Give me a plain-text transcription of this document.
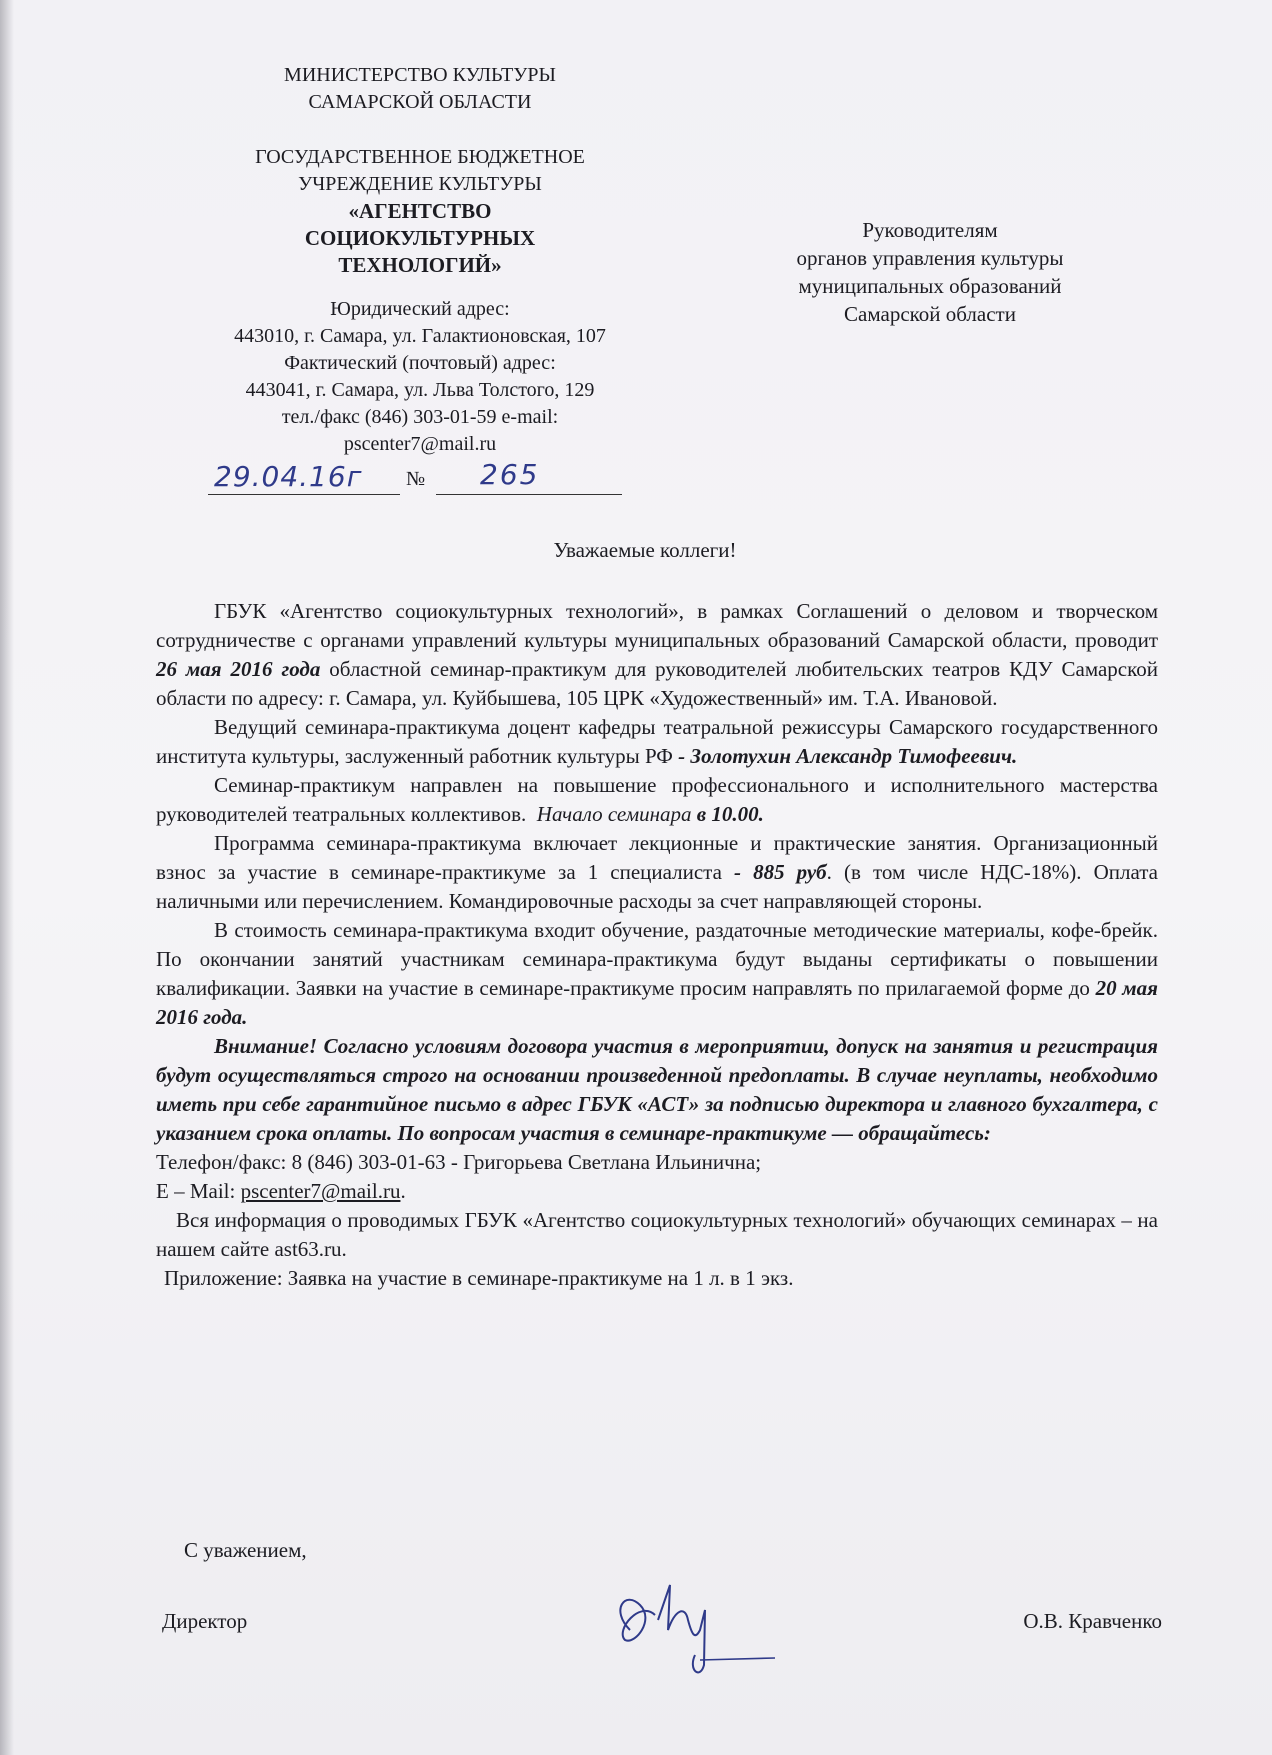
МИНИСТЕРСТВО КУЛЬТУРЫ
САМАРСКОЙ ОБЛАСТИ
ГОСУДАРСТВЕННОЕ БЮДЖЕТНОЕ
УЧРЕЖДЕНИЕ КУЛЬТУРЫ
«АГЕНТСТВО
СОЦИОКУЛЬТУРНЫХ
ТЕХНОЛОГИЙ»
Юридический адрес:
443010, г. Самара, ул. Галактионовская, 107
Фактический (почтовый) адрес:
443041, г. Самара, ул. Льва Толстого, 129
тел./факс (846) 303-01-59 e-mail:
pscenter7@mail.ru
Руководителям
органов управления культуры
муниципальных образований
Самарской области
29.04.16г № 265
Уважаемые коллеги!

ГБУК «Агентство социокультурных технологий», в рамках Соглашений о деловом и творческом сотрудничестве с органами управлений культуры муниципальных образований Самарской области, проводит 26 мая 2016 года областной семинар-практикум для руководителей любительских театров КДУ Самарской области по адресу: г. Самара, ул. Куйбышева, 105 ЦРК «Художественный» им. Т.А. Ивановой.

Ведущий семинара-практикума доцент кафедры театральной режиссуры Самарского государственного института культуры, заслуженный работник культуры РФ - Золотухин Александр Тимофеевич.

Семинар-практикум направлен на повышение профессионального и исполнительного мастерства руководителей театральных коллективов. Начало семинара в 10.00.

Программа семинара-практикума включает лекционные и практические занятия. Организационный взнос за участие в семинаре-практикуме за 1 специалиста - 885 руб. (в том числе НДС-18%). Оплата наличными или перечислением. Командировочные расходы за счет направляющей стороны.

В стоимость семинара-практикума входит обучение, раздаточные методические материалы, кофе-брейк. По окончании занятий участникам семинара-практикума будут выданы сертификаты о повышении квалификации. Заявки на участие в семинаре-практикуме просим направлять по прилагаемой форме до 20 мая 2016 года.

Внимание! Согласно условиям договора участия в мероприятии, допуск на занятия и регистрация будут осуществляться строго на основании произведенной предоплаты. В случае неуплаты, необходимо иметь при себе гарантийное письмо в адрес ГБУК «АСТ» за подписью директора и главного бухгалтера, с указанием срока оплаты. По вопросам участия в семинаре-практикуме — обращайтесь:

Телефон/факс: 8 (846) 303-01-63 - Григорьева Светлана Ильинична;

E – Mail: pscenter7@mail.ru.

Вся информация о проводимых ГБУК «Агентство социокультурных технологий» обучающих семинарах – на нашем сайте ast63.ru.

Приложение: Заявка на участие в семинаре-практикуме на 1 л. в 1 экз.

С уважением,
Директор	О.В. Кравченко
